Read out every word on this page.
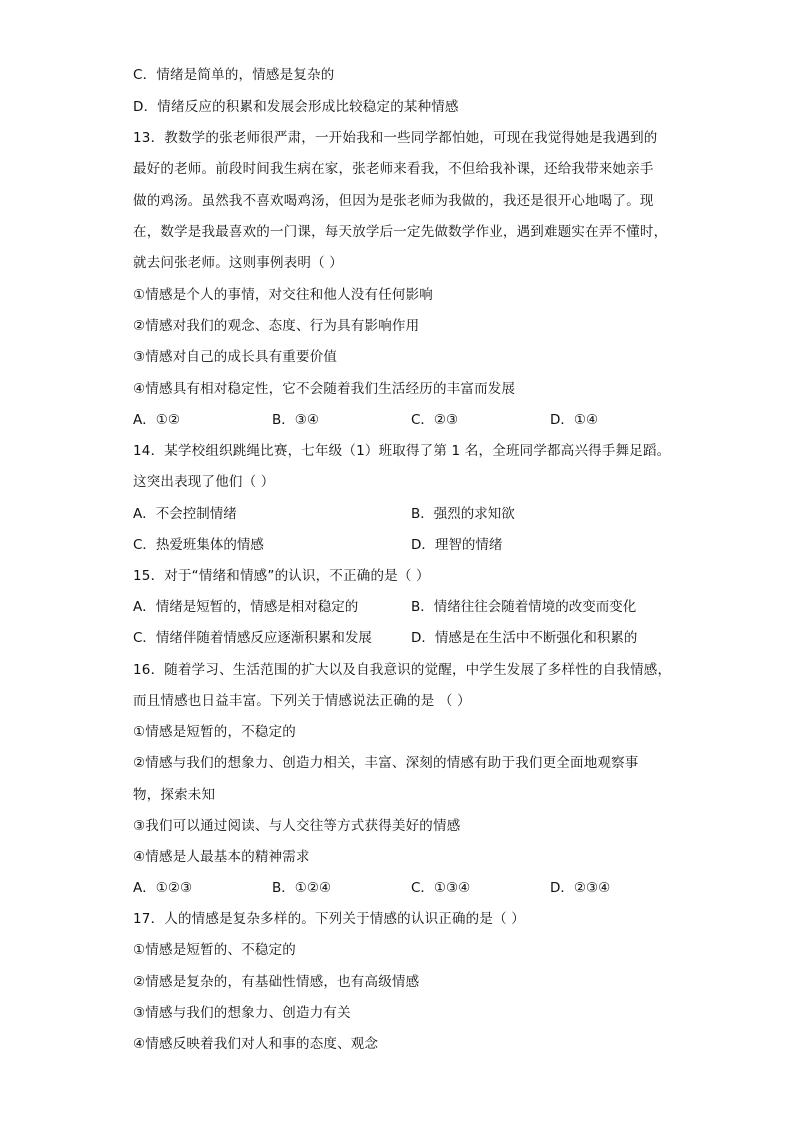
C．情绪是简单的，情感是复杂的
D．情绪反应的积累和发展会形成比较稳定的某种情感
13．教数学的张老师很严肃，一开始我和一些同学都怕她，可现在我觉得她是我遇到的
最好的老师。前段时间我生病在家，张老师来看我，不但给我补课，还给我带来她亲手
做的鸡汤。虽然我不喜欢喝鸡汤，但因为是张老师为我做的，我还是很开心地喝了。现
在，数学是我最喜欢的一门课，每天放学后一定先做数学作业，遇到难题实在弄不懂时，
就去问张老师。这则事例表明（ ）
①情感是个人的事情，对交往和他人没有任何影响
②情感对我们的观念、态度、行为具有影响作用
③情感对自己的成长具有重要价值
④情感具有相对稳定性，它不会随着我们生活经历的丰富而发展
A．①②	B．③④	C．②③	D．①④
14．某学校组织跳绳比赛，七年级（1）班取得了第 1 名，全班同学都高兴得手舞足蹈。
这突出表现了他们（ ）
A．不会控制情绪	B．强烈的求知欲
C．热爱班集体的情感	D．理智的情绪
15．对于“情绪和情感”的认识，不正确的是（ ）
A．情绪是短暂的，情感是相对稳定的	B．情绪往往会随着情境的改变而变化
C．情绪伴随着情感反应逐渐积累和发展	D．情感是在生活中不断强化和积累的
16．随着学习、生活范围的扩大以及自我意识的觉醒，中学生发展了多样性的自我情感，
而且情感也日益丰富。下列关于情感说法正确的是 （ ）
①情感是短暂的，不稳定的
②情感与我们的想象力、创造力相关，丰富、深刻的情感有助于我们更全面地观察事
物，探索未知
③我们可以通过阅读、与人交往等方式获得美好的情感
④情感是人最基本的精神需求
A．①②③	B．①②④	C．①③④	D．②③④
17．人的情感是复杂多样的。下列关于情感的认识正确的是（ ）
①情感是短暂的、不稳定的
②情感是复杂的，有基础性情感，也有高级情感
③情感与我们的想象力、创造力有关
④情感反映着我们对人和事的态度、观念
